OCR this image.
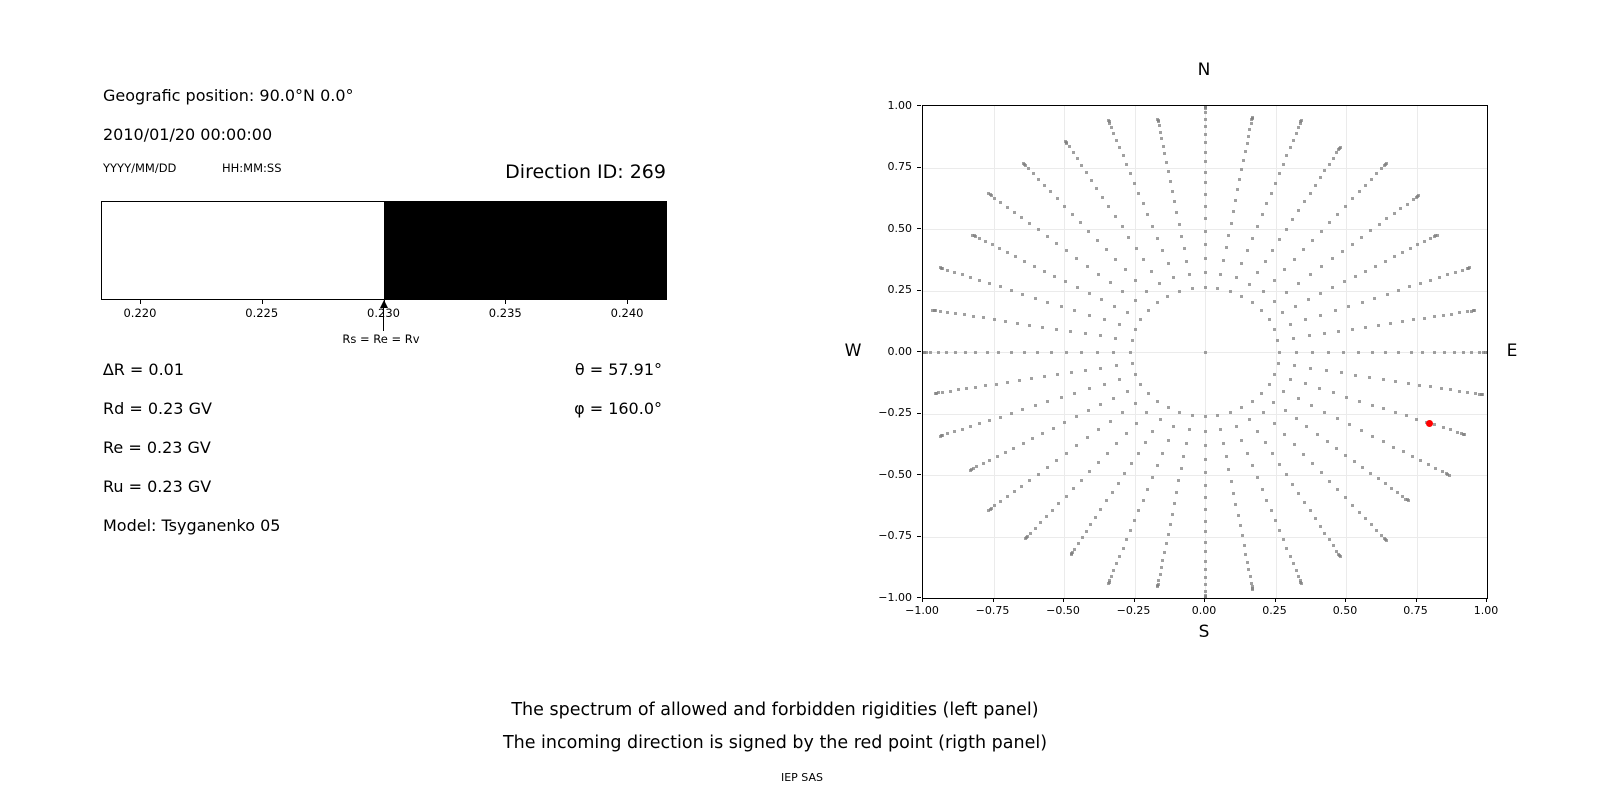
Geografic position: 90.0°N 0.0°
2010/01/20 00:00:00
YYYY/MM/DD	HH:MM:SS	Direction ID: 269
Rs = Re = Rv
∆R = 0.01
Rd = 0.23 GV
Re = 0.23 GV
Ru = 0.23 GV
Model: Tsyganenko 05
θ = 57.91°
φ = 160.0°
N
S
W	E
−1.00	−0.75	−0.50	−0.25	0.00	0.25	0.50	0.75	1.00
1.00
0.75
0.50
0.25
0.00
−0.25
−0.50
−0.75
−1.00
The spectrum of allowed and forbidden rigidities (left panel)
The incoming direction is signed by the red point (rigth panel)
IEP SAS
0.220	0.225	0.230	0.235	0.240
